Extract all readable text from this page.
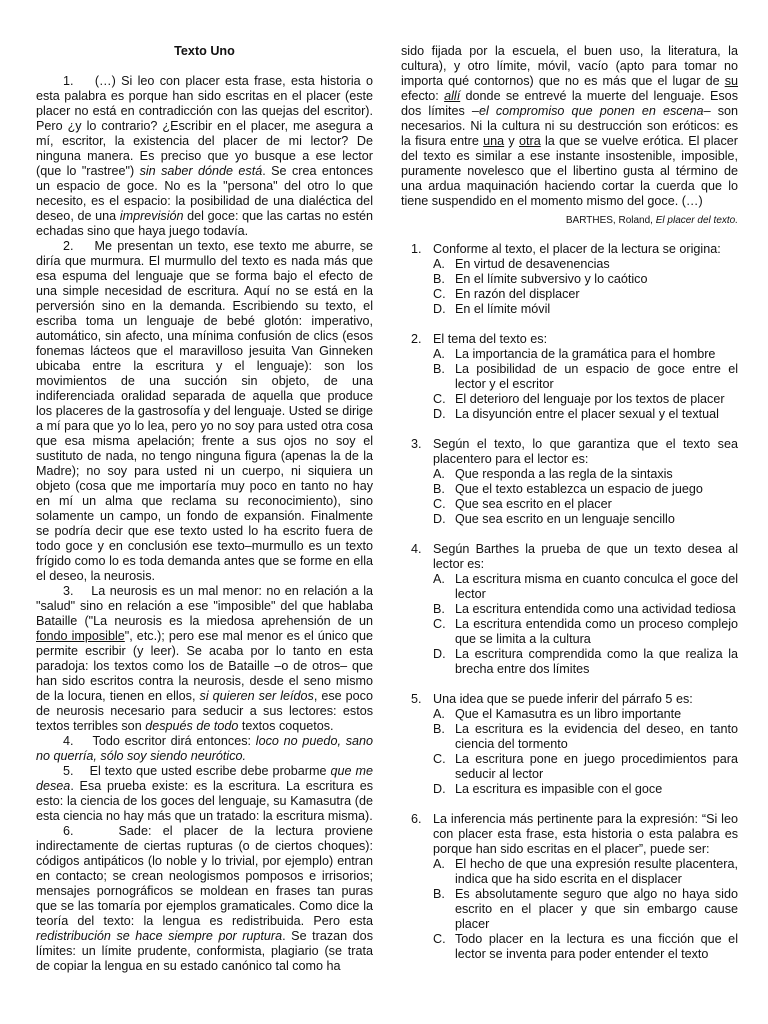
Texto Uno

1. (…) Si leo con placer esta frase, esta historia o esta palabra es porque han sido escritas en el placer (este placer no está en contradicción con las quejas del escritor). Pero ¿y lo contrario? ¿Escribir en el placer, me asegura a mí, escritor, la existencia del placer de mi lector? De ninguna manera. Es preciso que yo busque a ese lector (que lo "rastree") sin saber dónde está. Se crea entonces un espacio de goce. No es la "persona" del otro lo que necesito, es el espacio: la posibilidad de una dialéctica del deseo, de una imprevisión del goce: que las cartas no estén echadas sino que haya juego todavía.

2. Me presentan un texto, ese texto me aburre, se diría que murmura. El murmullo del texto es nada más que esa espuma del lenguaje que se forma bajo el efecto de una simple necesidad de escritura. Aquí no se está en la perversión sino en la demanda. Escribiendo su texto, el escriba toma un lenguaje de bebé glotón: imperativo, automático, sin afecto, una mínima confusión de clics (esos fonemas lácteos que el maravilloso jesuita Van Ginneken ubicaba entre la escritura y el lenguaje): son los movimientos de una succión sin objeto, de una indiferenciada oralidad separada de aquella que produce los placeres de la gastrosofía y del lenguaje. Usted se dirige a mí para que yo lo lea, pero yo no soy para usted otra cosa que esa misma apelación; frente a sus ojos no soy el sustituto de nada, no tengo ninguna figura (apenas la de la Madre); no soy para usted ni un cuerpo, ni siquiera un objeto (cosa que me importaría muy poco en tanto no hay en mí un alma que reclama su reconocimiento), sino solamente un campo, un fondo de expansión. Finalmente se podría decir que ese texto usted lo ha escrito fuera de todo goce y en conclusión ese texto–murmullo es un texto frígido como lo es toda demanda antes que se forme en ella el deseo, la neurosis.

3. La neurosis es un mal menor: no en relación a la "salud" sino en relación a ese "imposible" del que hablaba Bataille ("La neurosis es la miedosa aprehensión de un fondo imposible", etc.); pero ese mal menor es el único que permite escribir (y leer). Se acaba por lo tanto en esta paradoja: los textos como los de Bataille –o de otros– que han sido escritos contra la neurosis, desde el seno mismo de la locura, tienen en ellos, si quieren ser leídos, ese poco de neurosis necesario para seducir a sus lectores: estos textos terribles son después de todo textos coquetos.

4. Todo escritor dirá entonces: loco no puedo, sano no querría, sólo soy siendo neurótico.

5. El texto que usted escribe debe probarme que me desea. Esa prueba existe: es la escritura. La escritura es esto: la ciencia de los goces del lenguaje, su Kamasutra (de esta ciencia no hay más que un tratado: la escritura misma).

6.	Sade: el placer de la lectura proviene indirectamente de ciertas rupturas (o de ciertos choques): códigos antipáticos (lo noble y lo trivial, por ejemplo) entran en contacto; se crean neologismos pomposos e irrisorios; mensajes pornográficos se moldean en frases tan puras que se las tomaría por ejemplos gramaticales. Como dice la teoría del texto: la lengua es redistribuida. Pero esta redistribución se hace siempre por ruptura. Se trazan dos límites: un límite prudente, conformista, plagiario (se trata de copiar la lengua en su estado canónico tal como ha

sido fijada por la escuela, el buen uso, la literatura, la cultura), y otro límite, móvil, vacío (apto para tomar no importa qué contornos) que no es más que el lugar de su efecto: allí donde se entrevé la muerte del lenguaje. Esos dos límites –el compromiso que ponen en escena– son necesarios. Ni la cultura ni su destrucción son eróticos: es la fisura entre una y otra la que se vuelve erótica. El placer del texto es similar a ese instante insostenible, imposible, puramente novelesco que el libertino gusta al término de una ardua maquinación haciendo cortar la cuerda que lo tiene suspendido en el momento mismo del goce. (…)

BARTHES, Roland, El placer del texto.
1. Conforme al texto, el placer de la lectura se origina:
A. En virtud de desavenencias
B. En el límite subversivo y lo caótico
C. En razón del displacer
D. En el límite móvil
2. El tema del texto es:
A. La importancia de la gramática para el hombre
B. La posibilidad de un espacio de goce entre el lector y el escritor
C. El deterioro del lenguaje por los textos de placer
D. La disyunción entre el placer sexual y el textual
3. Según el texto, lo que garantiza que el texto sea placentero para el lector es:
A. Que responda a las regla de la sintaxis
B. Que el texto establezca un espacio de juego
C. Que sea escrito en el placer
D. Que sea escrito en un lenguaje sencillo
4. Según Barthes la prueba de que un texto desea al lector es:
A. La escritura misma en cuanto conculca el goce del lector
B. La escritura entendida como una actividad tediosa
C. La escritura entendida como un proceso complejo que se limita a la cultura
D. La escritura comprendida como la que realiza la brecha entre dos límites
5. Una idea que se puede inferir del párrafo 5 es:
A. Que el Kamasutra es un libro importante
B. La escritura es la evidencia del deseo, en tanto ciencia del tormento
C. La escritura pone en juego procedimientos para seducir al lector
D. La escritura es impasible con el goce
6. La inferencia más pertinente para la expresión: “Si leo con placer esta frase, esta historia o esta palabra es porque han sido escritas en el placer”, puede ser:
A. El hecho de que una expresión resulte placentera, indica que ha sido escrita en el displacer
B. Es absolutamente seguro que algo no haya sido escrito en el placer y que sin embargo cause placer
C. Todo placer en la lectura es una ficción que el lector se inventa para poder entender el texto
